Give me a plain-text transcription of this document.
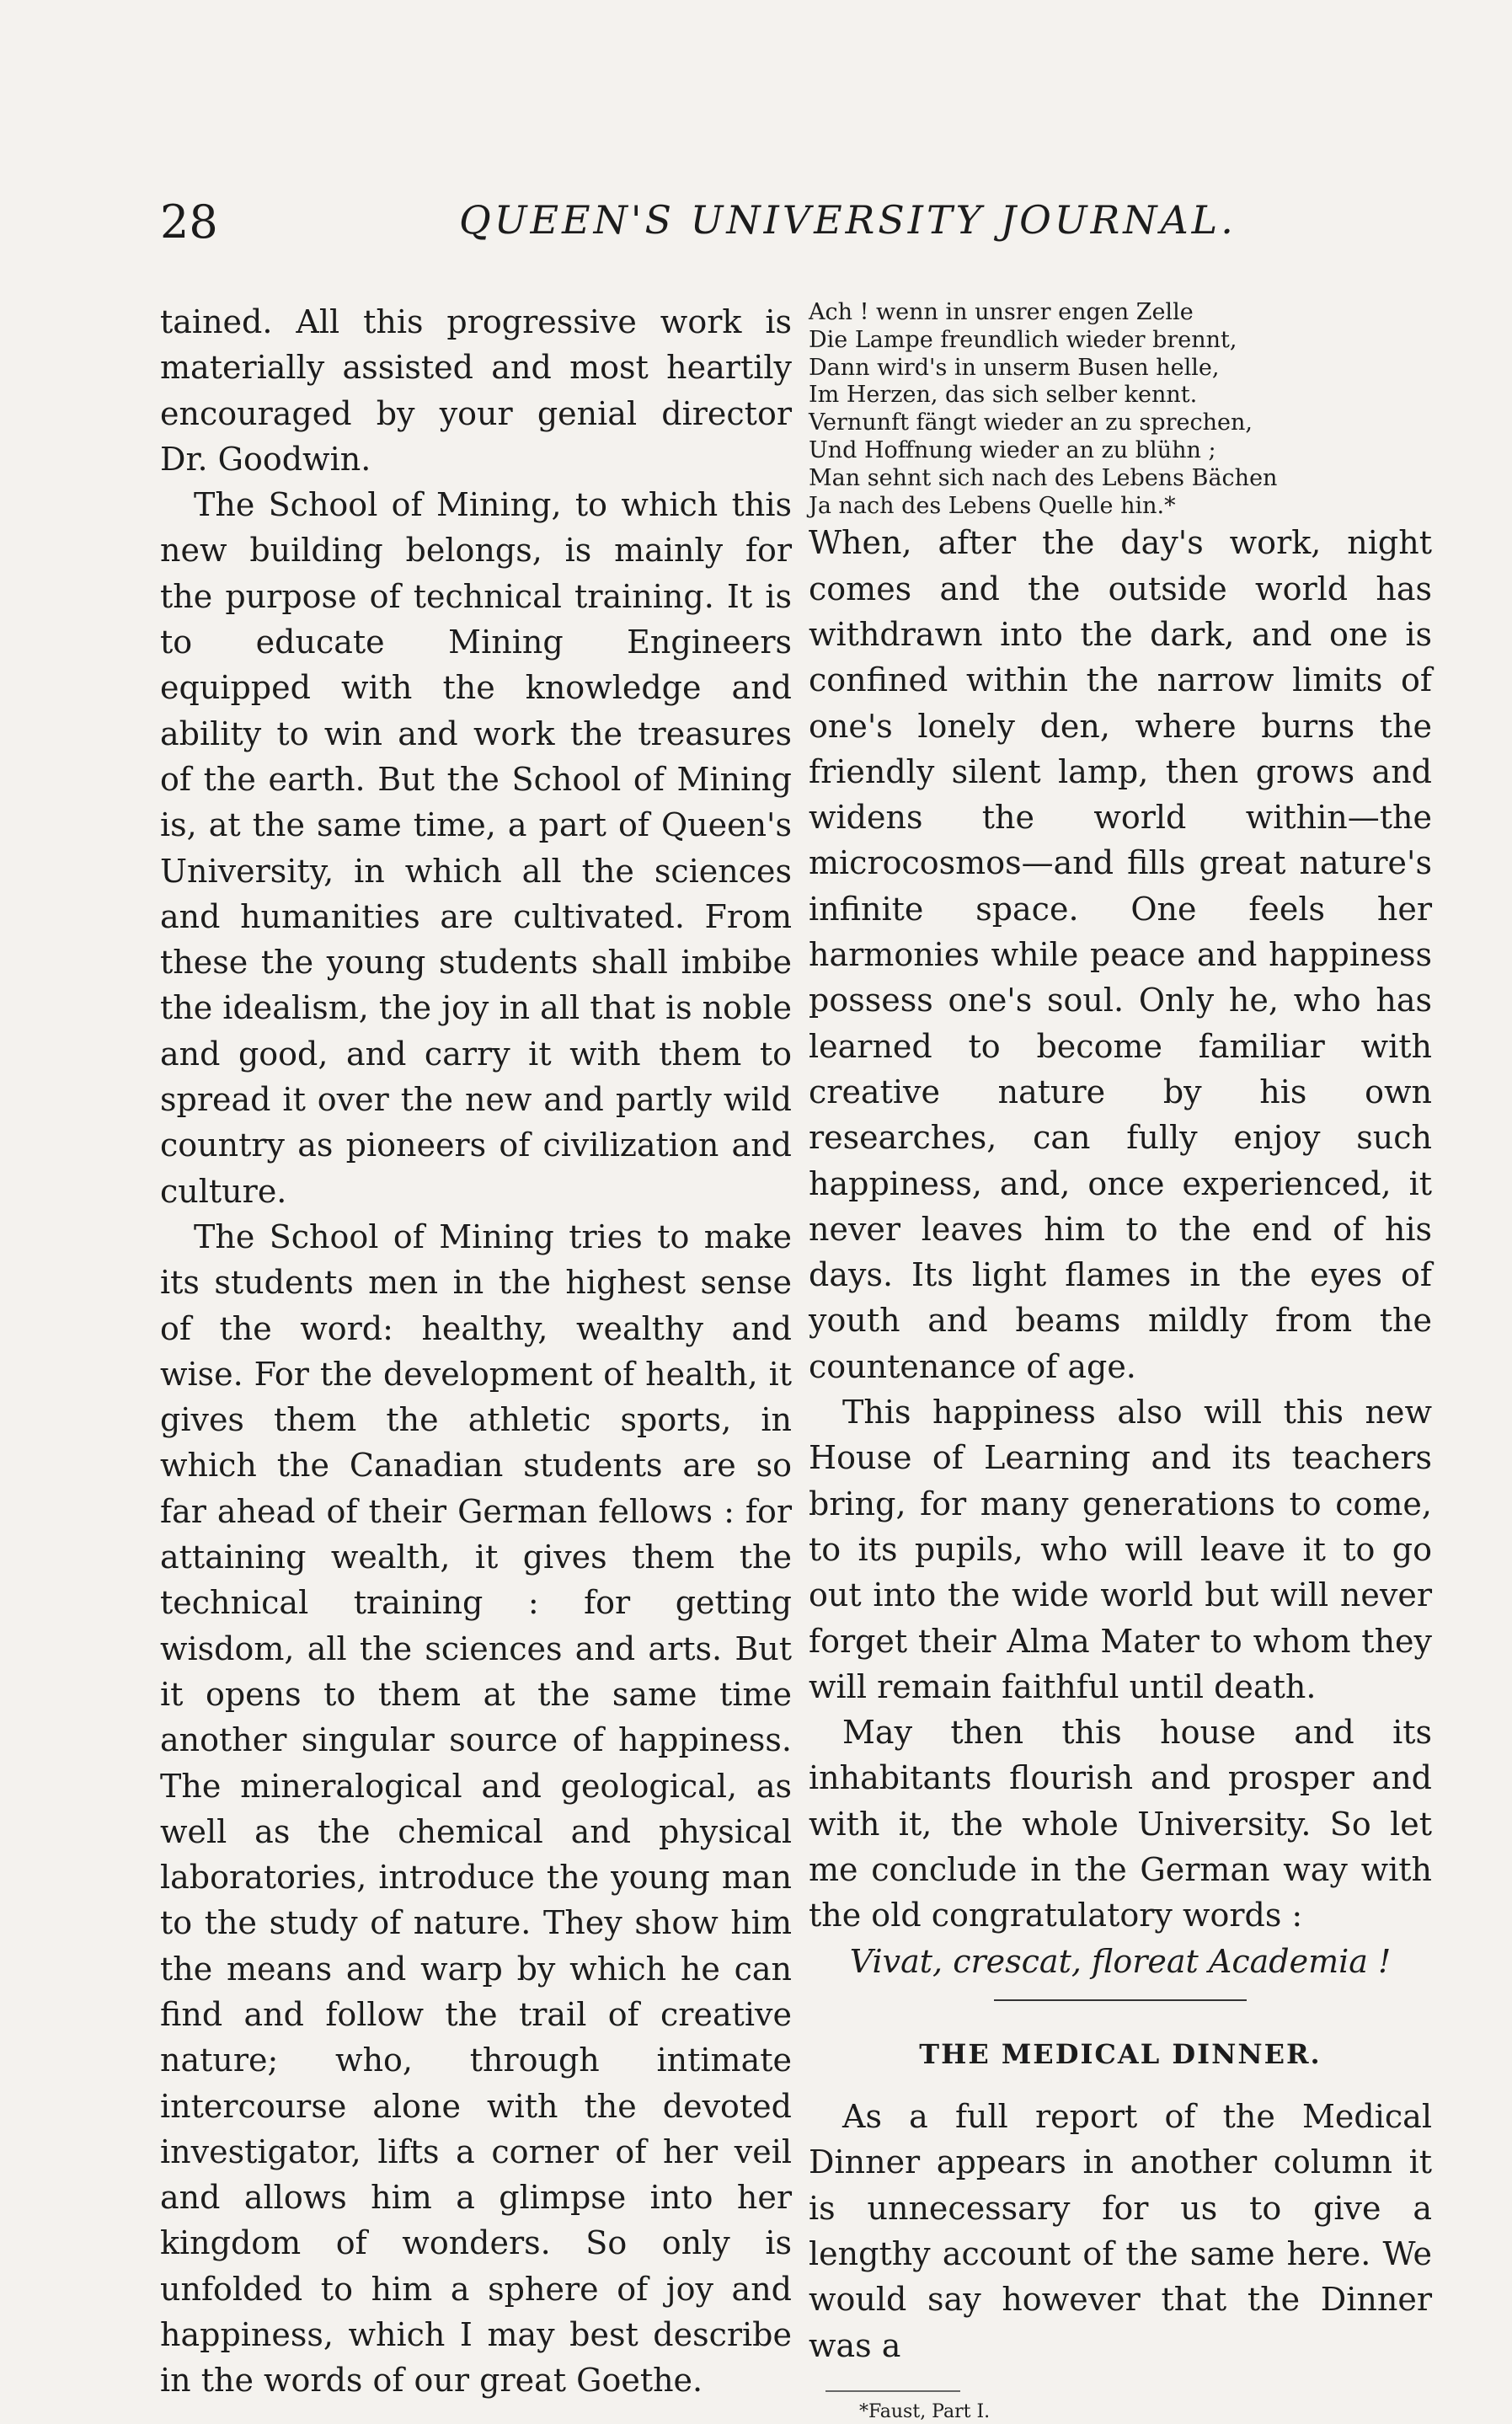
28	QUEEN'S UNIVERSITY JOURNAL.

tained. All this progressive work is materially assisted and most heartily encouraged by your genial director Dr. Goodwin.

The School of Mining, to which this new building belongs, is mainly for the purpose of technical training. It is to educate Mining Engineers equipped with the knowledge and ability to win and work the treasures of the earth. But the School of Mining is, at the same time, a part of Queen's University, in which all the sciences and humanities are cultivated. From these the young students shall imbibe the idealism, the joy in all that is noble and good, and carry it with them to spread it over the new and partly wild country as pioneers of civilization and culture.

The School of Mining tries to make its students men in the highest sense of the word: healthy, wealthy and wise. For the development of health, it gives them the athletic sports, in which the Canadian students are so far ahead of their German fellows : for attaining wealth, it gives them the technical training : for getting wisdom, all the sciences and arts. But it opens to them at the same time another singular source of happiness. The mineralogical and geological, as well as the chemical and physical laboratories, introduce the young man to the study of nature. They show him the means and warp by which he can find and follow the trail of creative nature; who, through intimate intercourse alone with the devoted investigator, lifts a corner of her veil and allows him a glimpse into her kingdom of wonders. So only is unfolded to him a sphere of joy and happiness, which I may best describe in the words of our great Goethe.

Ach ! wenn in unsrer engen Zelle
Die Lampe freundlich wieder brennt,
Dann wird's in unserm Busen helle,
Im Herzen, das sich selber kennt.
Vernunft fängt wieder an zu sprechen,
Und Hoffnung wieder an zu blühn ;
Man sehnt sich nach des Lebens Bächen
Ja nach des Lebens Quelle hin.*

When, after the day's work, night comes and the outside world has withdrawn into the dark, and one is confined within the narrow limits of one's lonely den, where burns the friendly silent lamp, then grows and widens the world within—the microcosmos—and fills great nature's infinite space. One feels her harmonies while peace and happiness possess one's soul. Only he, who has learned to become familiar with creative nature by his own researches, can fully enjoy such happiness, and, once experienced, it never leaves him to the end of his days. Its light flames in the eyes of youth and beams mildly from the countenance of age.

This happiness also will this new House of Learning and its teachers bring, for many generations to come, to its pupils, who will leave it to go out into the wide world but will never forget their Alma Mater to whom they will remain faithful until death.

May then this house and its inhabitants flourish and prosper and with it, the whole University. So let me conclude in the German way with the old congratulatory words :

Vivat, crescat, floreat Academia !

THE MEDICAL DINNER.

As a full report of the Medical Dinner appears in another column it is unnecessary for us to give a lengthy account of the same here. We would say however that the Dinner was a

*Faust, Part I.
